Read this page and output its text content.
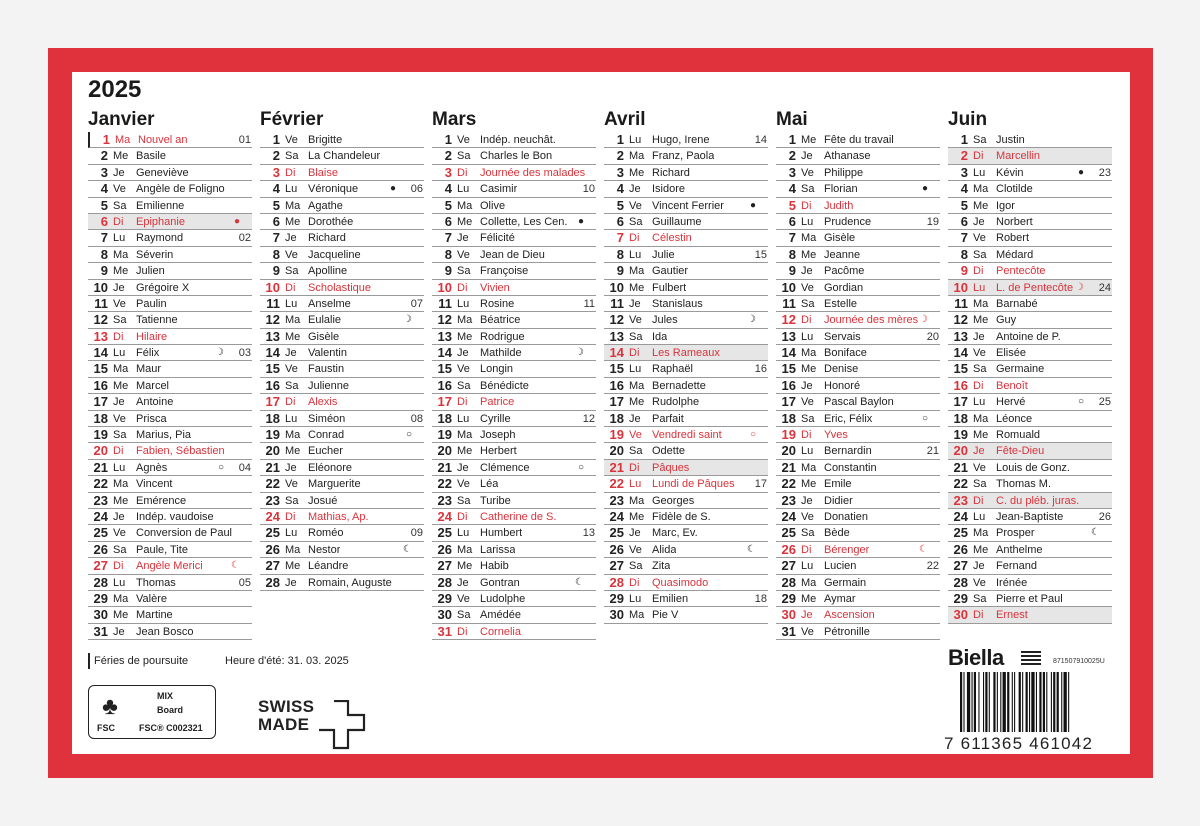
2025
Janvier
1 Ma Nouvel an	01
2 Me Basile
3 Je Geneviève
4 Ve Angèle de Foligno
5 Sa Emilienne
6 Di Epiphanie	●
7 Lu Raymond	02
8 Ma Séverin
9 Me Julien
10 Je Grégoire X
11 Ve Paulin
12 Sa Tatienne
13 Di Hilaire
14 Lu Félix	☽ 03
15 Ma Maur
16 Me Marcel
17 Je Antoine
18 Ve Prisca
19 Sa Marius, Pia
20 Di Fabien, Sébastien
21 Lu Agnès	○ 04
22 Ma Vincent
23 Me Emérence
24 Je Indép. vaudoise
25 Ve Conversion de Paul
26 Sa Paule, Tite
27 Di Angèle Merici	☾
28 Lu Thomas	05
29 Ma Valère
30 Me Martine
31 Je Jean Bosco
Février
1 Ve Brigitte
2 Sa La Chandeleur
3 Di Blaise
4 Lu Véronique	● 06
5 Ma Agathe
6 Me Dorothée
7 Je Richard
8 Ve Jacqueline
9 Sa Apolline
10 Di Scholastique
11 Lu Anselme	07
12 Ma Eulalie	☽
13 Me Gisèle
14 Je Valentin
15 Ve Faustin
16 Sa Julienne
17 Di Alexis
18 Lu Siméon	08
19 Ma Conrad	○
20 Me Eucher
21 Je Eléonore
22 Ve Marguerite
23 Sa Josué
24 Di Mathias, Ap.
25 Lu Roméo	09
26 Ma Nestor	☾
27 Me Léandre
28 Je Romain, Auguste
Mars
1 Ve Indép. neuchât.
2 Sa Charles le Bon
3 Di Journée des malades
4 Lu Casimir	10
5 Ma Olive
6 Me Collette, Les Cen. ●
7 Je Félicité
8 Ve Jean de Dieu
9 Sa Françoise
10 Di Vivien
11 Lu Rosine	11
12 Ma Béatrice
13 Me Rodrigue
14 Je Mathilde	☽
15 Ve Longin
16 Sa Bénédicte
17 Di Patrice
18 Lu Cyrille	12
19 Ma Joseph
20 Me Herbert
21 Je Clémence	○
22 Ve Léa
23 Sa Turibe
24 Di Catherine de S.
25 Lu Humbert	13
26 Ma Larissa
27 Me Habib
28 Je Gontran	☾
29 Ve Ludolphe
30 Sa Amédée
31 Di Cornelia
Avril
1 Lu Hugo, Irene	14
2 Ma Franz, Paola
3 Me Richard
4 Je Isidore
5 Ve Vincent Ferrier	●
6 Sa Guillaume
7 Di Célestin
8 Lu Julie	15
9 Ma Gautier
10 Me Fulbert
11 Je Stanislaus
12 Ve Jules	☽
13 Sa Ida
14 Di Les Rameaux
15 Lu Raphaël	16
16 Ma Bernadette
17 Me Rudolphe
18 Je Parfait
19 Ve Vendredi saint	○
20 Sa Odette
21 Di Pâques
22 Lu Lundi de Pâques 17
23 Ma Georges
24 Me Fidèle de S.
25 Je Marc, Ev.
26 Ve Alida	☾
27 Sa Zita
28 Di Quasimodo
29 Lu Emilien	18
30 Ma Pie V
Mai
1 Me Fête du travail
2 Je Athanase
3 Ve Philippe
4 Sa Florian	●
5 Di Judith
6 Lu Prudence	19
7 Ma Gisèle
8 Me Jeanne
9 Je Pacôme
10 Ve Gordian
11 Sa Estelle
12 Di Journée des mères ☽
13 Lu Servais	20
14 Ma Boniface
15 Me Denise
16 Je Honoré
17 Ve Pascal Baylon
18 Sa Eric, Félix	○
19 Di Yves
20 Lu Bernardin	21
21 Ma Constantin
22 Me Emile
23 Je Didier
24 Ve Donatien
25 Sa Bède
26 Di Bérenger	☾
27 Lu Lucien	22
28 Ma Germain
29 Me Aymar
30 Je Ascension
31 Ve Pétronille
Juin
1 Sa Justin
2 Di Marcellin
3 Lu Kévin	● 23
4 Ma Clotilde
5 Me Igor
6 Je Norbert
7 Ve Robert
8 Sa Médard
9 Di Pentecôte
10 Lu L. de Pentecôte ☽ 24
11 Ma Barnabé
12 Me Guy
13 Je Antoine de P.
14 Ve Elisée
15 Sa Germaine
16 Di Benoît
17 Lu Hervé	○ 25
18 Ma Léonce
19 Me Romuald
20 Je Fête-Dieu
21 Ve Louis de Gonz.
22 Sa Thomas M.
23 Di C. du pléb. juras.
24 Lu Jean-Baptiste	26
25 Ma Prosper	☾
26 Me Anthelme
27 Je Fernand
28 Ve Irénée
29 Sa Pierre et Paul
30 Di Ernest
Féries de poursuite	Heure d'été: 31. 03. 2025
♣	MIX
Board
FSC	FSC® C002321
SWISS
MADE
Biella	8715079100​25U
7 611365 461042
